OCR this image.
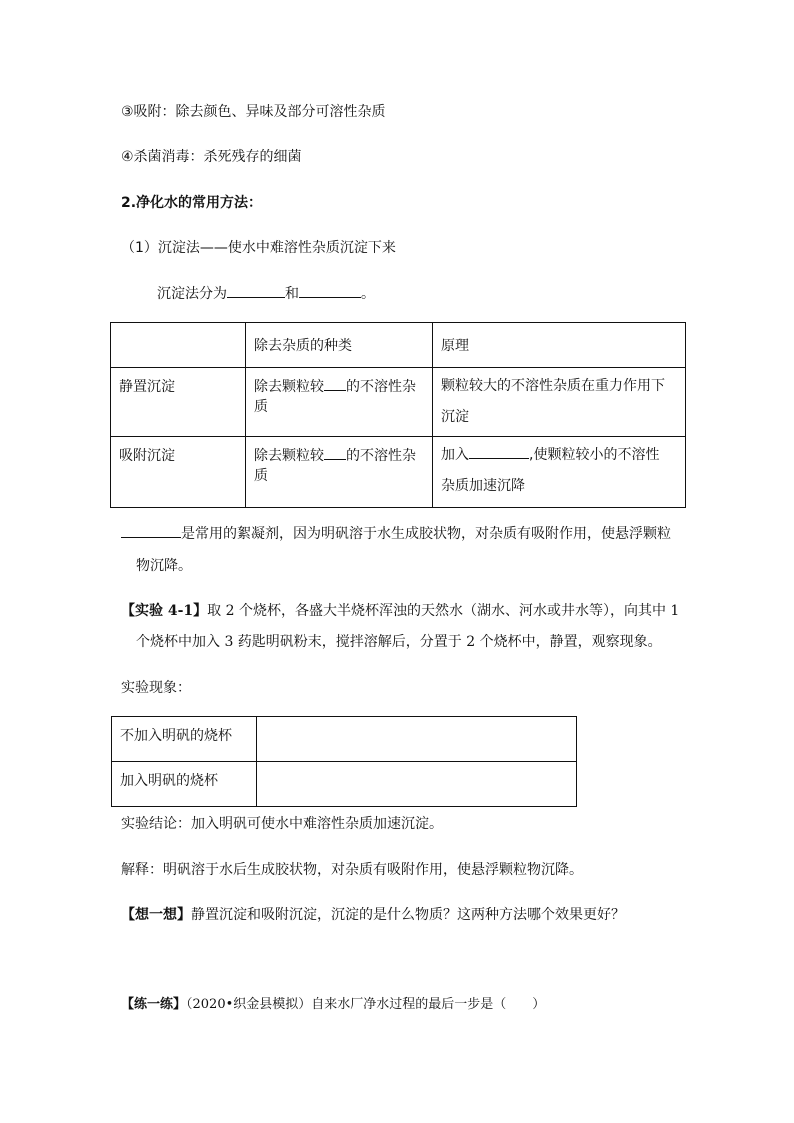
③吸附：除去颜色、异味及部分可溶性杂质
④杀菌消毒：杀死残存的细菌
2.净化水的常用方法：
（1）沉淀法——使水中难溶性杂质沉淀下来
沉淀法分为	和	。
	除去杂质的种类	原理
静置沉淀	除去颗粒较 的不溶性杂质	颗粒较大的不溶性杂质在重力作用下
沉淀

吸附沉淀	除去颗粒较 的不溶性杂质	加入 ,使颗粒较小的不溶性
杂质加速沉降
是常用的絮凝剂，因为明矾溶于水生成胶状物，对杂质有吸附作用，使悬浮颗粒
物沉降。
【实验 4-1】取 2 个烧杯，各盛大半烧杯浑浊的天然水（湖水、河水或井水等），向其中 1
个烧杯中加入 3 药匙明矾粉末，搅拌溶解后，分置于 2 个烧杯中，静置，观察现象。
实验现象：
不加入明矾的烧杯	
加入明矾的烧杯	
实验结论：加入明矾可使水中难溶性杂质加速沉淀。
解释：明矾溶于水后生成胶状物，对杂质有吸附作用，使悬浮颗粒物沉降。
【想一想】静置沉淀和吸附沉淀，沉淀的是什么物质？这两种方法哪个效果更好？
【练一练】（2020•织金县模拟）自来水厂净水过程的最后一步是（　　）
